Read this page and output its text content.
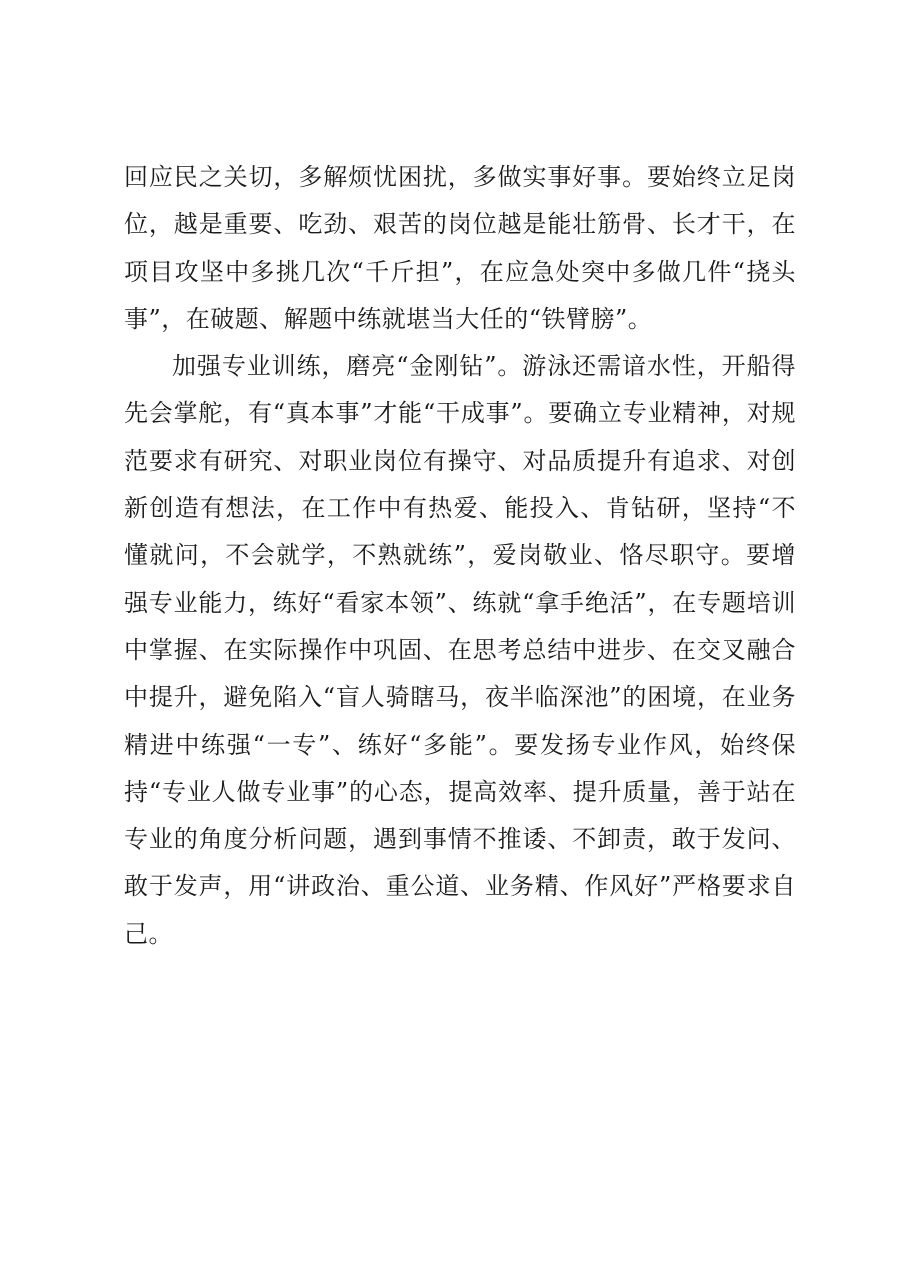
回应民之关切，多解烦忧困扰，多做实事好事。要始终立足岗位，越是重要、吃劲、艰苦的岗位越是能壮筋骨、长才干，在项目攻坚中多挑几次“千斤担”，在应急处突中多做几件“挠头事”，在破题、解题中练就堪当大任的“铁臂膀”。

加强专业训练，磨亮“金刚钻”。游泳还需谙水性，开船得先会掌舵，有“真本事”才能“干成事”。要确立专业精神，对规范要求有研究、对职业岗位有操守、对品质提升有追求、对创新创造有想法，在工作中有热爱、能投入、肯钻研，坚持“不懂就问，不会就学，不熟就练”，爱岗敬业、恪尽职守。要增强专业能力，练好“看家本领”、练就“拿手绝活”，在专题培训中掌握、在实际操作中巩固、在思考总结中进步、在交叉融合中提升，避免陷入“盲人骑瞎马，夜半临深池”的困境，在业务精进中练强“一专”、练好“多能”。要发扬专业作风，始终保持“专业人做专业事”的心态，提高效率、提升质量，善于站在专业的角度分析问题，遇到事情不推诿、不卸责，敢于发问、敢于发声，用“讲政治、重公道、业务精、作风好”严格要求自己。
